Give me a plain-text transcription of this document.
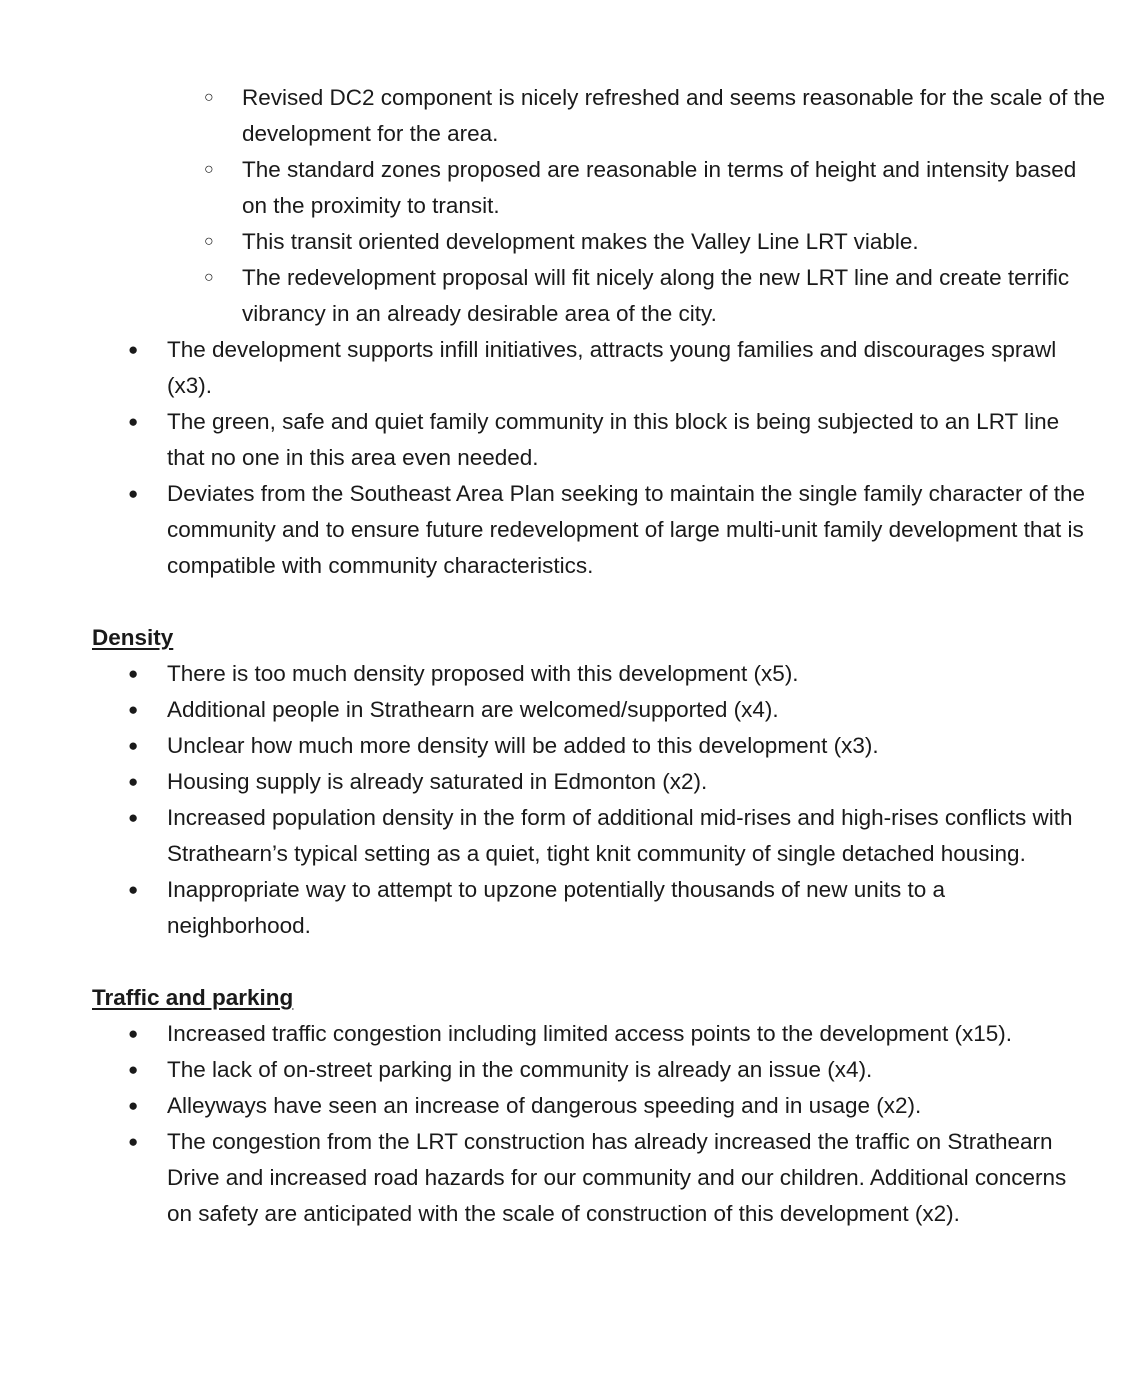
○ Revised DC2 component is nicely refreshed and seems reasonable for the scale of the development for the area.
○ The standard zones proposed are reasonable in terms of height and intensity based on the proximity to transit.
○ This transit oriented development makes the Valley Line LRT viable.
○ The redevelopment proposal will fit nicely along the new LRT line and create terrific vibrancy in an already desirable area of the city.
● The development supports infill initiatives, attracts young families and discourages sprawl (x3).
● The green, safe and quiet family community in this block is being subjected to an LRT line that no one in this area even needed.
● Deviates from the Southeast Area Plan seeking to maintain the single family character of the community and to ensure future redevelopment of large multi-unit family development that is compatible with community characteristics.
Density
● There is too much density proposed with this development (x5).
● Additional people in Strathearn are welcomed/supported (x4).
● Unclear how much more density will be added to this development (x3).
● Housing supply is already saturated in Edmonton (x2).
● Increased population density in the form of additional mid-rises and high-rises conflicts with Strathearn’s typical setting as a quiet, tight knit community of single detached housing.
● Inappropriate way to attempt to upzone potentially thousands of new units to a neighborhood.
Traffic and parking
● Increased traffic congestion including limited access points to the development (x15).
● The lack of on-street parking in the community is already an issue (x4).
● Alleyways have seen an increase of dangerous speeding and in usage (x2).
● The congestion from the LRT construction has already increased the traffic on Strathearn Drive and increased road hazards for our community and our children. Additional concerns on safety are anticipated with the scale of construction of this development (x2).
